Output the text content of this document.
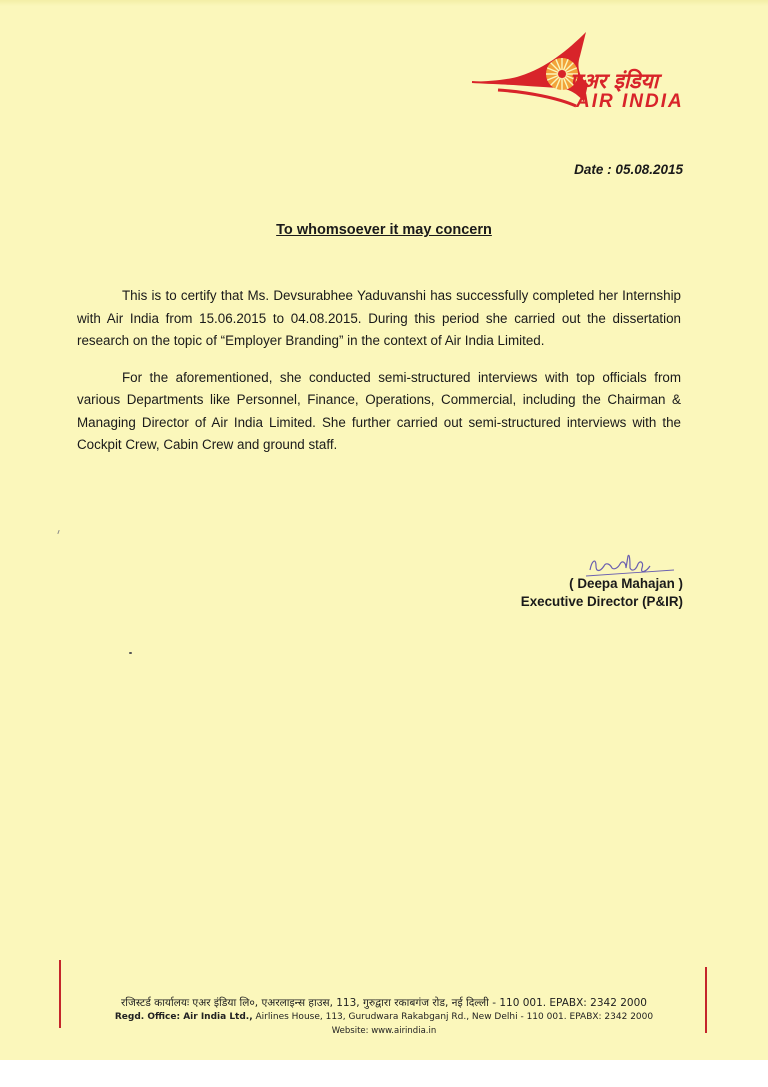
एअर इंडिया
AIR INDIA
Date : 05.08.2015
To whomsoever it may concern

This is to certify that Ms. Devsurabhee Yaduvanshi has successfully completed her Internship with Air India from 15.06.2015 to 04.08.2015. During this period she carried out the dissertation research on the topic of “Employer Branding” in the context of Air India Limited.

For the aforementioned, she conducted semi-structured interviews with top officials from various Departments like Personnel, Finance, Operations, Commercial, including the Chairman & Managing Director of Air India Limited. She further carried out semi-structured interviews with the Cockpit Crew, Cabin Crew and ground staff.

( Deepa Mahajan )
Executive Director (P&IR)
रजिस्टर्ड कार्यालयः एअर इंडिया लि०, एअरलाइन्स हाउस, 113, गुरुद्वारा रकाबगंज रोड, नई दिल्ली - 110 001. EPABX: 2342 2000
Regd. Office: Air India Ltd., Airlines House, 113, Gurudwara Rakabganj Rd., New Delhi - 110 001. EPABX: 2342 2000
Website: www.airindia.in
